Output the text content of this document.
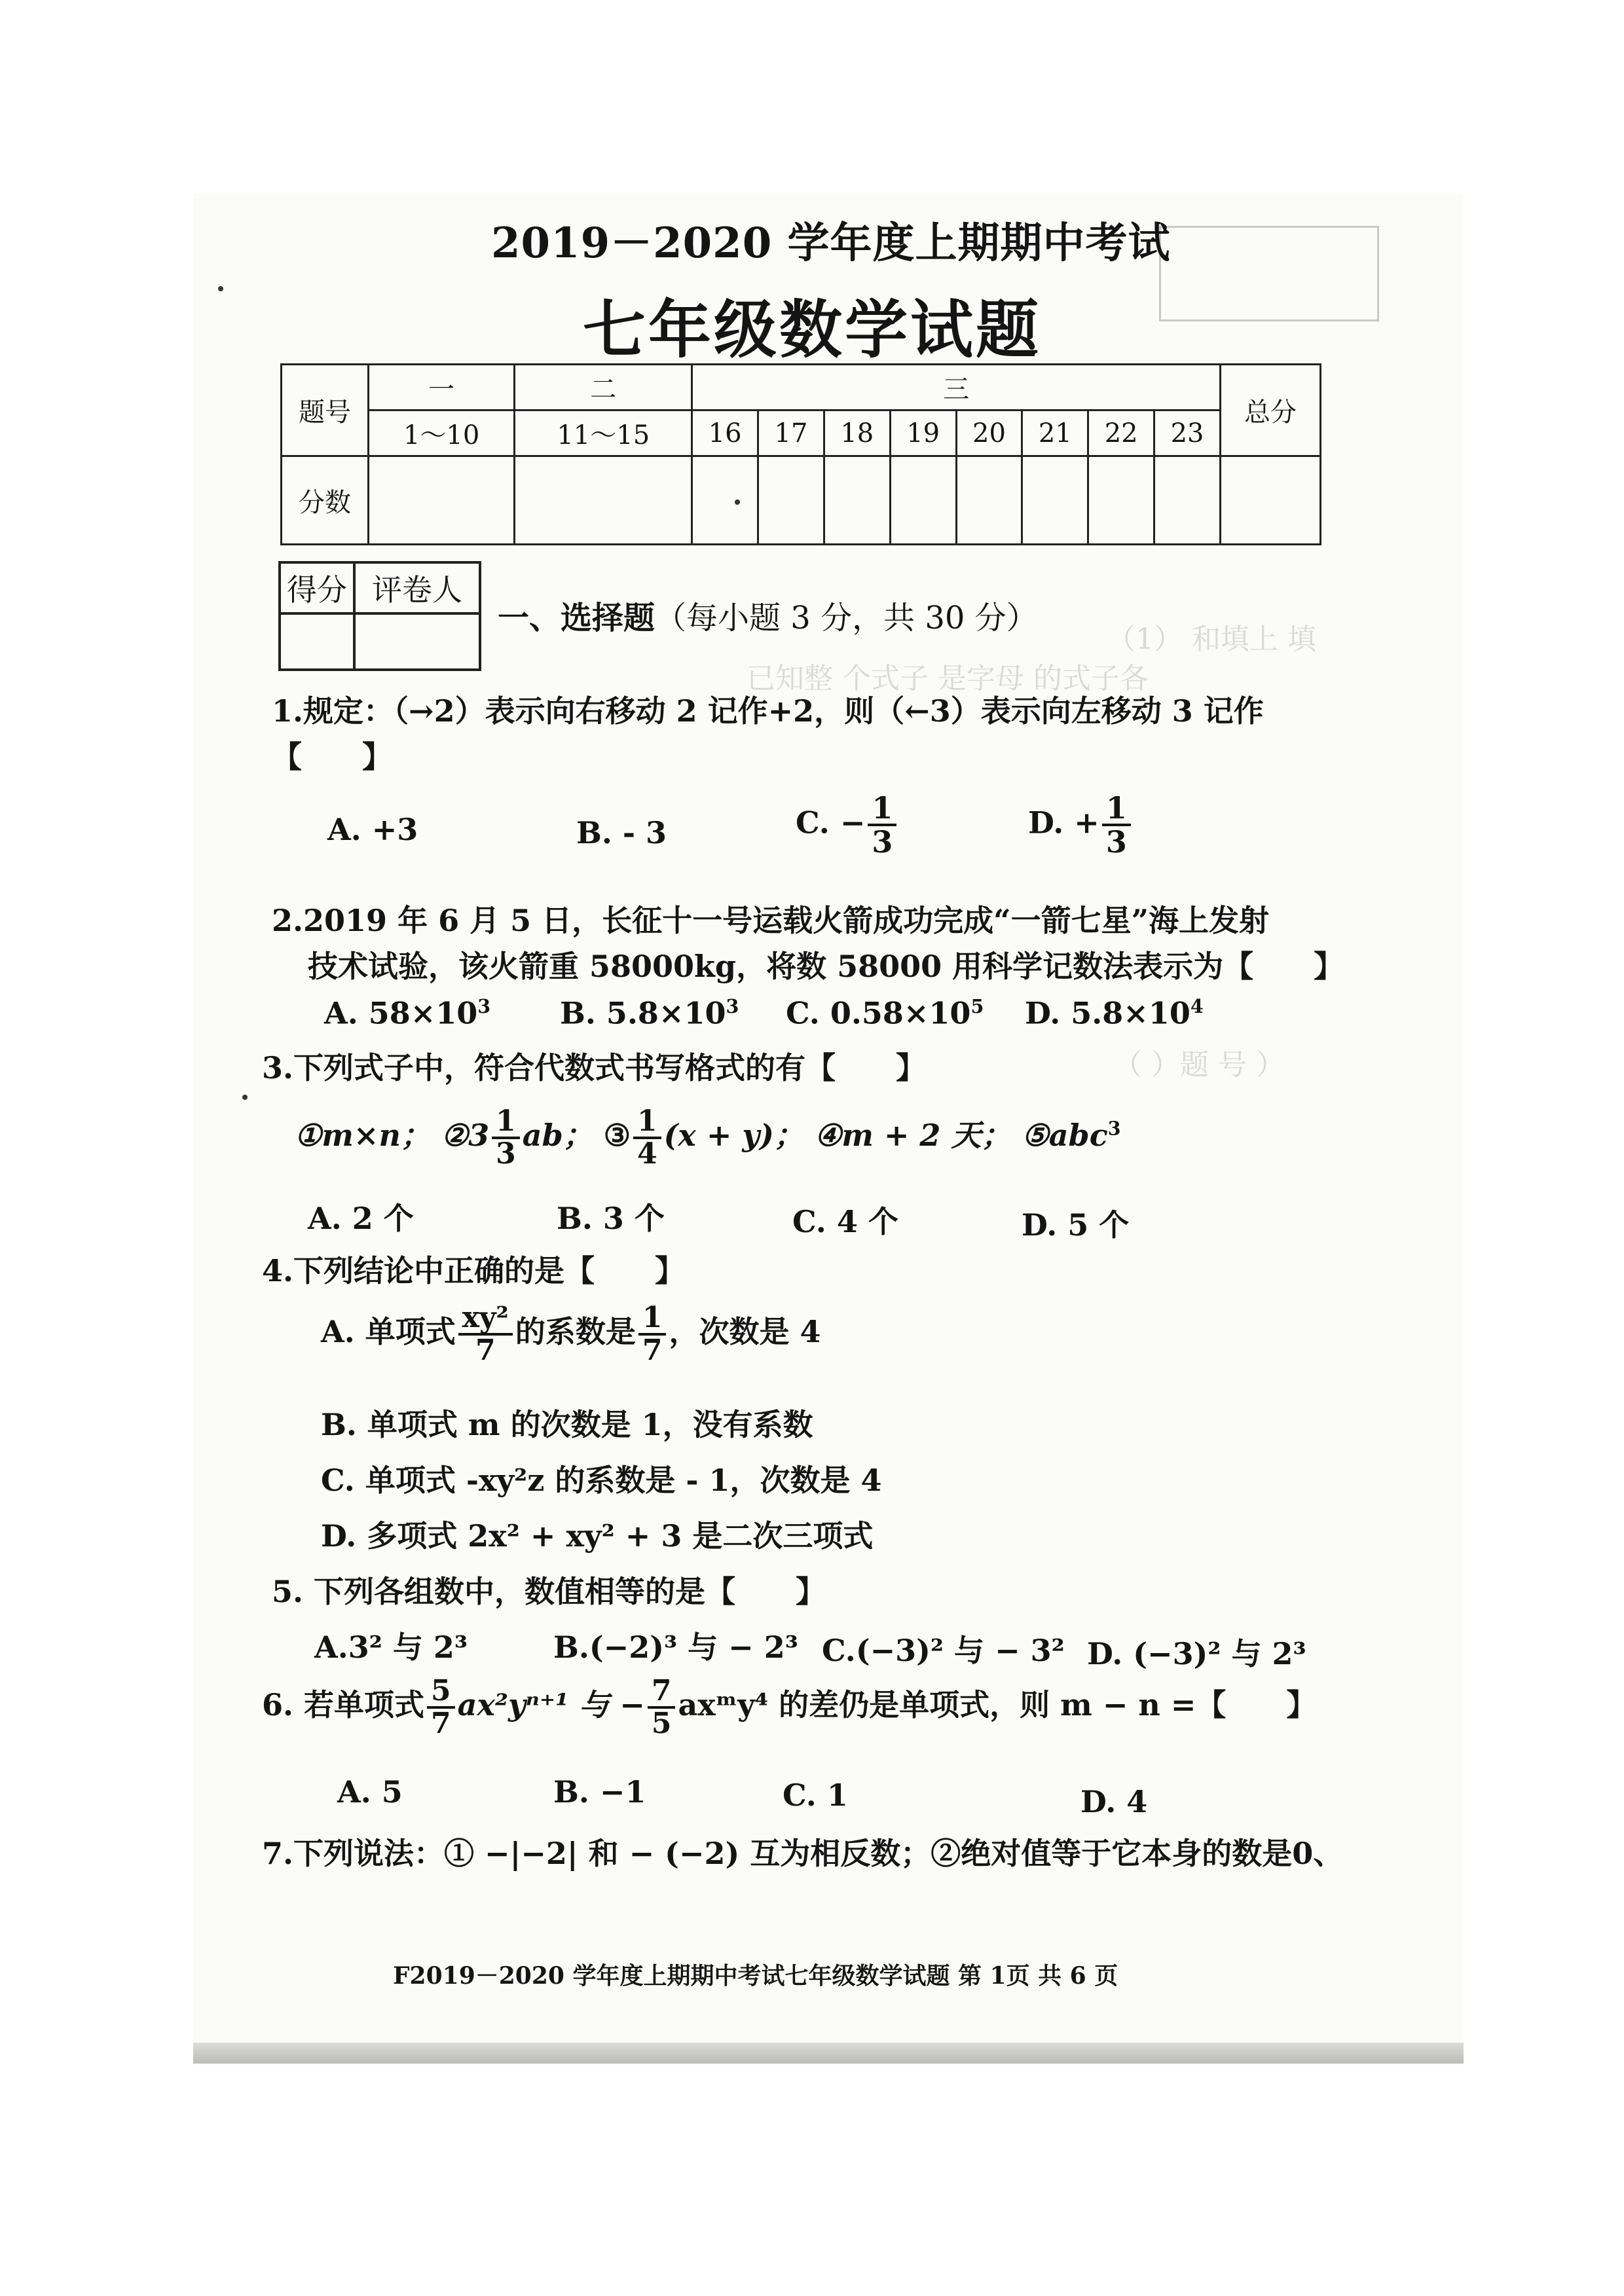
（1） 和填上 填
已知整 个式子 是字母 的式子各
（ ）题 号 ）
2019－2020 学年度上期期中考试
七年级数学试题
题号	一	二	三								总分
	1～10	11～15	16	17	18	19	20	21	22	23	
分数											
得分	评卷人

一、选择题（每小题 3 分，共 30 分）
1.规定：（→2）表示向右移动 2 记作+2，则（←3）表示向左移动 3 记作
【　　】
A. +3	B. - 3	C. − $\frac{1}{3}$	D. + $\frac{1}{3}$
2.2019 年 6 月 5 日，长征十一号运载火箭成功完成“一箭七星”海上发射
技术试验，该火箭重 58000kg，将数 58000 用科学记数法表示为【　　】
A. $58\times 10^3$ B. $5.8\times 10^3$ C. $0.58\times 10^5$ D. $5.8\times 10^4$
3.下列式子中，符合代数式书写格式的有【　　】
①m×n； ②3 $\frac{1}{3}$ ab； ③ $\frac{1}{4} (x + y)$； ④m + 2 天； ⑤abc$^3$
A. 2 个	B. 3 个	C. 4 个	D. 5 个
4.下列结论中正确的是【　　】
A. 单项式 $\frac{\text{xy²}}{7}$ 的系数是 $\frac{1}{7}$ ，次数是 4
B. 单项式 m 的次数是 1，没有系数
C. 单项式 -xy²z 的系数是 - 1，次数是 4
D. 多项式 2x² + xy² + 3 是二次三项式
5. 下列各组数中，数值相等的是【　　】
A.3² 与 2³	B.(−2)³ 与 − 2³ C.(−3)² 与 − 3² D. (−3)² 与 2³
6. 若单项式 $\frac{5}{7} ax^2y^{n+1}$ 与 − $\frac{7}{5}$ axᵐy⁴ 的差仍是单项式，则 m − n =【　　】
A. 5	B. −1	C. 1	D. 4
7.下列说法：① −|−2| 和 − (−2) 互为相反数；②绝对值等于它本身的数是0、
F2019－2020 学年度上期期中考试七年级数学试题 第 1页 共 6 页
